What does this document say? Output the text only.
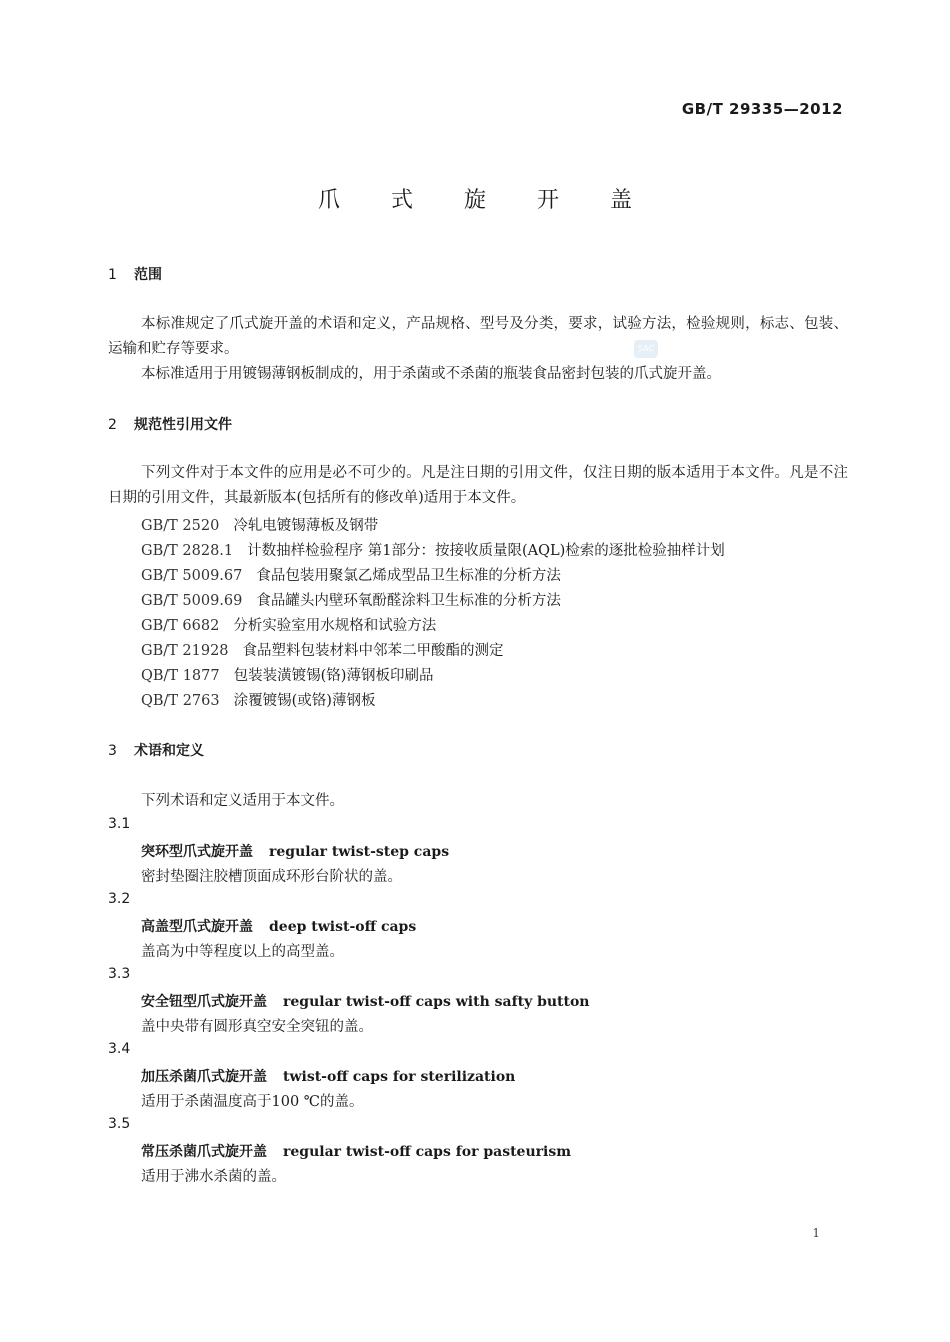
GB/T 29335—2012
爪 式 旋 开 盖
SAC
1 范围
本标准规定了爪式旋开盖的术语和定义，产品规格、型号及分类，要求，试验方法，检验规则，标志、包装、运输和贮存等要求。
本标准适用于用镀锡薄钢板制成的，用于杀菌或不杀菌的瓶装食品密封包装的爪式旋开盖。
2 规范性引用文件
下列文件对于本文件的应用是必不可少的。凡是注日期的引用文件，仅注日期的版本适用于本文件。凡是不注日期的引用文件，其最新版本(包括所有的修改单)适用于本文件。
GB/T 2520 冷轧电镀锡薄板及钢带
GB/T 2828.1 计数抽样检验程序 第1部分：按接收质量限(AQL)检索的逐批检验抽样计划
GB/T 5009.67 食品包装用聚氯乙烯成型品卫生标准的分析方法
GB/T 5009.69 食品罐头内壁环氧酚醛涂料卫生标准的分析方法
GB/T 6682 分析实验室用水规格和试验方法
GB/T 21928 食品塑料包装材料中邻苯二甲酸酯的测定
QB/T 1877 包装装潢镀锡(铬)薄钢板印刷品
QB/T 2763 涂覆镀锡(或铬)薄钢板
3 术语和定义
下列术语和定义适用于本文件。
3.1
突环型爪式旋开盖 regular twist-step caps
密封垫圈注胶槽顶面成环形台阶状的盖。
3.2
高盖型爪式旋开盖 deep twist-off caps
盖高为中等程度以上的高型盖。
3.3
安全钮型爪式旋开盖 regular twist-off caps with safty button
盖中央带有圆形真空安全突钮的盖。
3.4
加压杀菌爪式旋开盖 twist-off caps for sterilization
适用于杀菌温度高于100 ℃的盖。
3.5
常压杀菌爪式旋开盖 regular twist-off caps for pasteurism
适用于沸水杀菌的盖。
1
